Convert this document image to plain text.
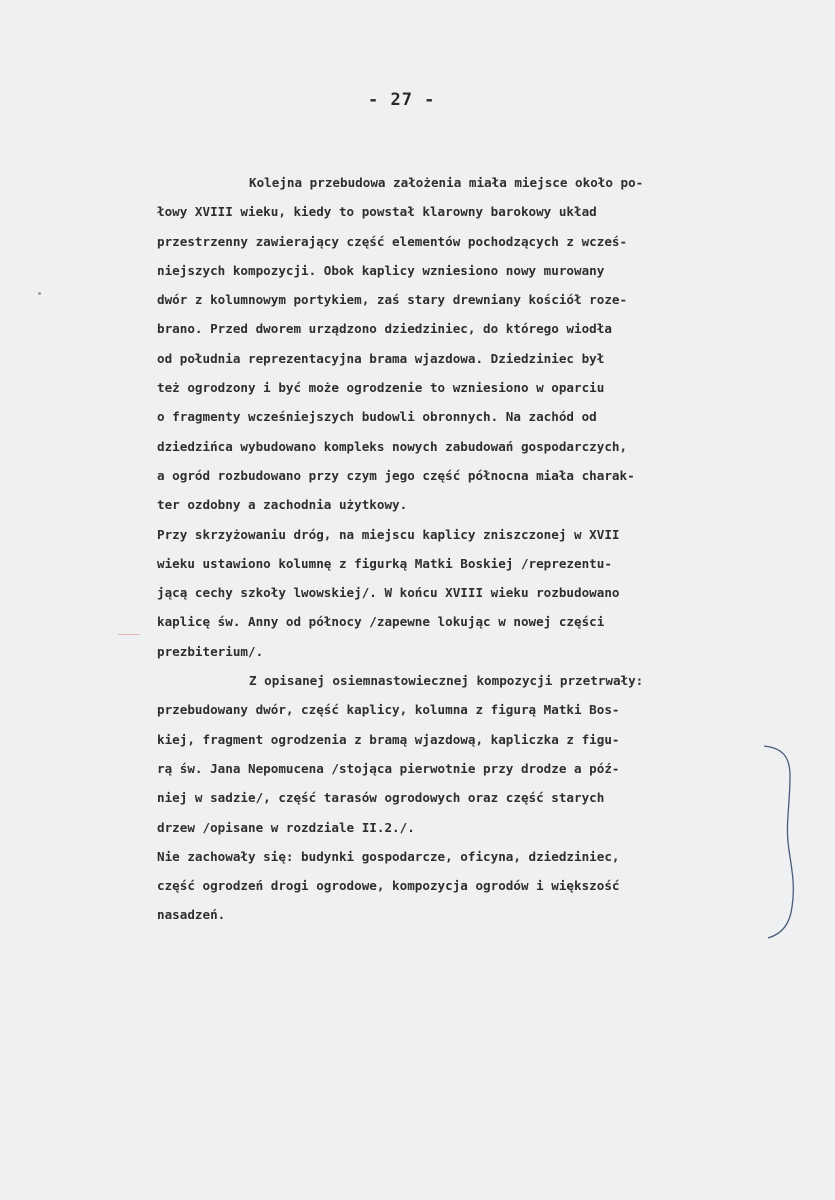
- 27 -
Kolejna przebudowa założenia miała miejsce około po-
łowy XVIII wieku, kiedy to powstał klarowny barokowy układ
przestrzenny zawierający część elementów pochodzących z wcześ-
niejszych kompozycji. Obok kaplicy wzniesiono nowy murowany
dwór z kolumnowym portykiem, zaś stary drewniany kościół roze-
brano. Przed dworem urządzono dziedziniec, do którego wiodła
od południa reprezentacyjna brama wjazdowa. Dziedziniec był
też ogrodzony i być może ogrodzenie to wzniesiono w oparciu
o fragmenty wcześniejszych budowli obronnych. Na zachód od
dziedzińca wybudowano kompleks nowych zabudowań gospodarczych,
a ogród rozbudowano przy czym jego część północna miała charak-
ter ozdobny a zachodnia użytkowy.
Przy skrzyżowaniu dróg, na miejscu kaplicy zniszczonej w XVII
wieku ustawiono kolumnę z figurką Matki Boskiej /reprezentu-
jącą cechy szkoły lwowskiej/. W końcu XVIII wieku rozbudowano
kaplicę św. Anny od północy /zapewne lokując w nowej części
prezbiterium/.
Z opisanej osiemnastowiecznej kompozycji przetrwały:
przebudowany dwór, część kaplicy, kolumna z figurą Matki Bos-
kiej, fragment ogrodzenia z bramą wjazdową, kapliczka z figu-
rą św. Jana Nepomucena /stojąca pierwotnie przy drodze a póź-
niej w sadzie/, część tarasów ogrodowych oraz część starych
drzew /opisane w rozdziale II.2./.
Nie zachowały się: budynki gospodarcze, oficyna, dziedziniec,
część ogrodzeń drogi ogrodowe, kompozycja ogrodów i większość
nasadzeń.
